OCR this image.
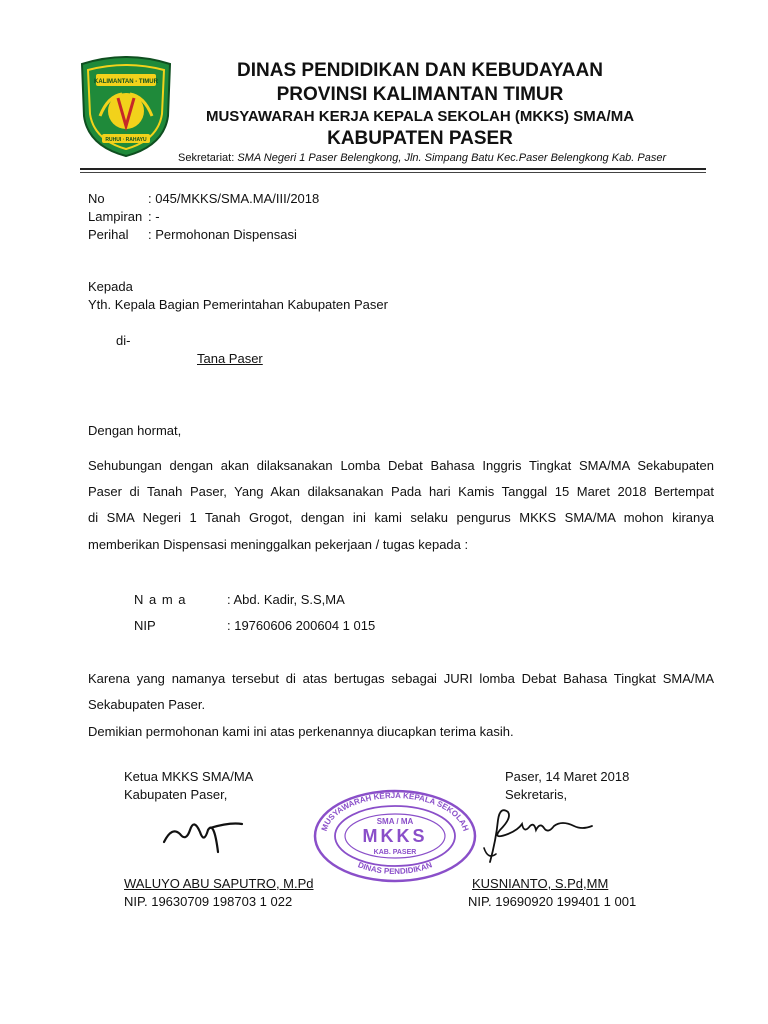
KALIMANTAN - TIMUR
RUHUI · RAHAYU
DINAS PENDIDIKAN DAN KEBUDAYAAN
PROVINSI KALIMANTAN TIMUR
MUSYAWARAH KERJA KEPALA SEKOLAH (MKKS) SMA/MA
KABUPATEN PASER
Sekretariat: SMA Negeri 1 Paser Belengkong, Jln. Simpang Batu Kec.Paser Belengkong Kab. Paser
No	: 045/MKKS/SMA.MA/III/2018
Lampiran : -
Perihal : Permohonan Dispensasi
Kepada
Yth. Kepala Bagian Pemerintahan Kabupaten Paser
di-
Tana Paser
Dengan hormat,
Sehubungan dengan akan dilaksanakan Lomba Debat Bahasa Inggris Tingkat SMA/MA Sekabupaten
Paser di Tanah Paser, Yang Akan dilaksanakan Pada hari Kamis Tanggal 15 Maret 2018 Bertempat
di SMA Negeri 1 Tanah Grogot, dengan ini kami selaku pengurus MKKS SMA/MA mohon kiranya
memberikan Dispensasi meninggalkan pekerjaan / tugas kepada :
N a m a	: Abd. Kadir, S.S,MA
NIP	: 19760606 200604 1 015
Karena yang namanya tersebut di atas bertugas sebagai JURI lomba Debat Bahasa Tingkat SMA/MA
Sekabupaten Paser.
Demikian permohonan kami ini atas perkenannya diucapkan terima kasih.
Ketua MKKS SMA/MA
Kabupaten Paser,
Paser, 14 Maret 2018
Sekretaris,
MUSYAWARAH KERJA KEPALA SEKOLAH
DINAS PENDIDIKAN
SMA / MA
MKKS
KAB. PASER
WALUYO ABU SAPUTRO, M.Pd
NIP. 19630709 198703 1 022
KUSNIANTO, S.Pd,MM
NIP. 19690920 199401 1 001
